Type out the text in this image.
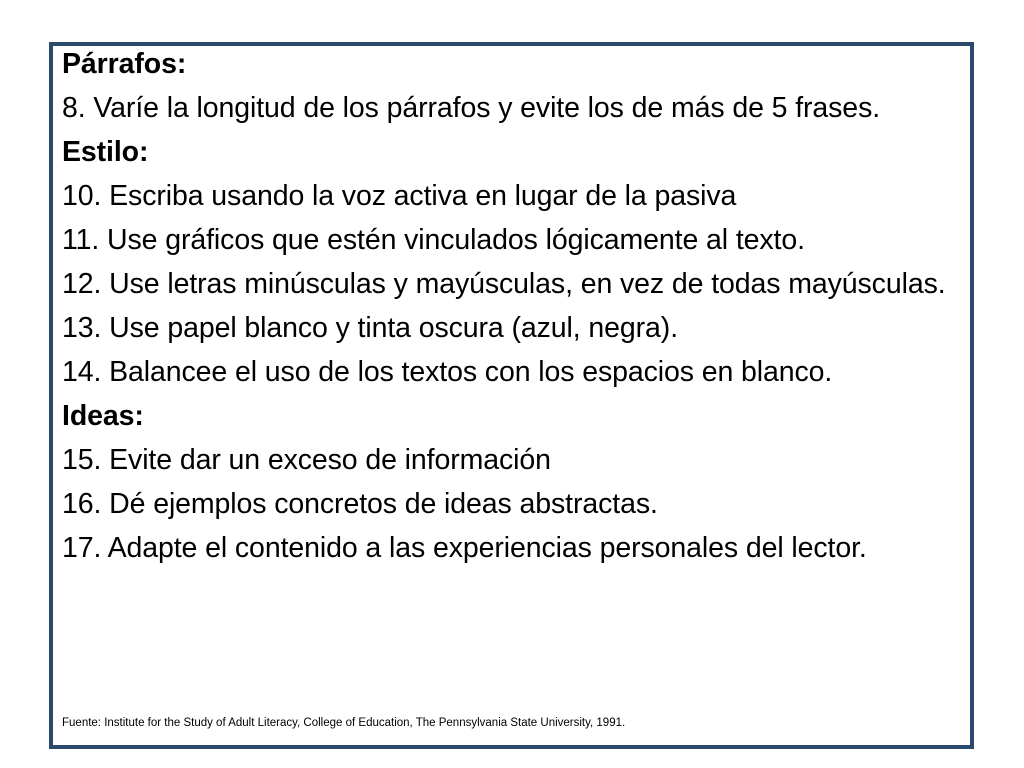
Párrafos:
8. Varíe la longitud de los párrafos y evite los de más de 5 frases.
Estilo:
10. Escriba usando la voz activa en lugar de la pasiva
11. Use gráficos que estén vinculados lógicamente al texto.
12. Use letras minúsculas y mayúsculas, en vez de todas mayúsculas.
13. Use papel blanco y tinta oscura (azul, negra).
14. Balancee el uso de los textos con los espacios en blanco.
Ideas:
15. Evite dar un exceso de información
16. Dé ejemplos concretos de ideas abstractas.
17. Adapte el contenido a las experiencias personales del lector.
Fuente: Institute for the Study of Adult Literacy, College of Education, The Pennsylvania State University, 1991.
